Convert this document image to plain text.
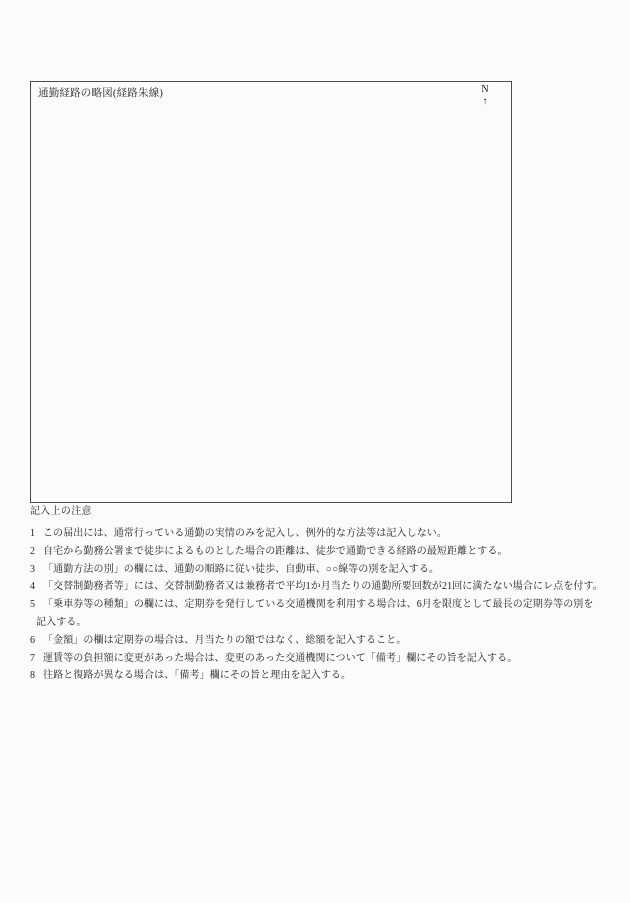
通勤経路の略図(経路朱線)	N
↑
記入上の注意
1 この届出には、通常行っている通勤の実情のみを記入し、例外的な方法等は記入しない。
2 自宅から勤務公署まで徒歩によるものとした場合の距離は、徒歩で通勤できる経路の最短距離とする。
3 「通勤方法の別」の欄には、通勤の順路に従い徒歩、自動車、○○線等の別を記入する。
4 「交替制勤務者等」には、交替制勤務者又は兼務者で平均1か月当たりの通勤所要回数が21回に満たない場合にレ点を付す。
5 「乗車券等の種類」の欄には、定期券を発行している交通機関を利用する場合は、6月を限度として最長の定期券等の別を
記入する。
6 「金額」の欄は定期券の場合は、月当たりの額ではなく、総額を記入すること。
7 運賃等の負担額に変更があった場合は、変更のあった交通機関について「備考」欄にその旨を記入する。
8 往路と復路が異なる場合は、「備考」欄にその旨と理由を記入する。
